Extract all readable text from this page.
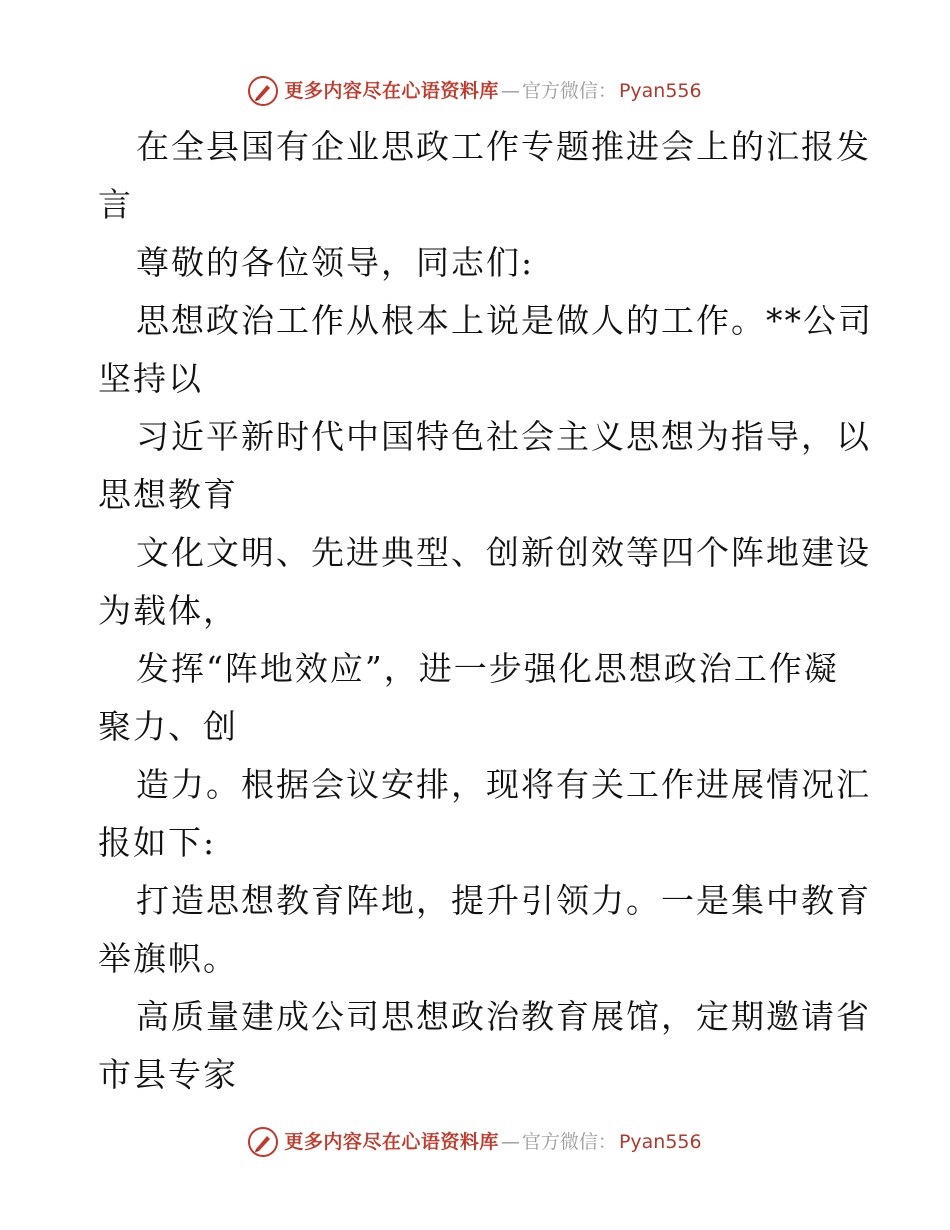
更多内容尽在心语资料库 — 官方微信： Pyan556

在全县国有企业思政工作专题推进会上的汇报发
言

尊敬的各位领导，同志们:

思想政治工作从根本上说是做人的工作。**公司
坚持以

习近平新时代中国特色社会主义思想为指导，以
思想教育

文化文明、先进典型、创新创效等四个阵地建设
为载体，

发挥“阵地效应”，进一步强化思想政治工作凝
聚力、创

造力。根据会议安排，现将有关工作进展情况汇
报如下:

打造思想教育阵地，提升引领力。一是集中教育
举旗帜。

高质量建成公司思想政治教育展馆，定期邀请省
市县专家

更多内容尽在心语资料库 — 官方微信： Pyan556
